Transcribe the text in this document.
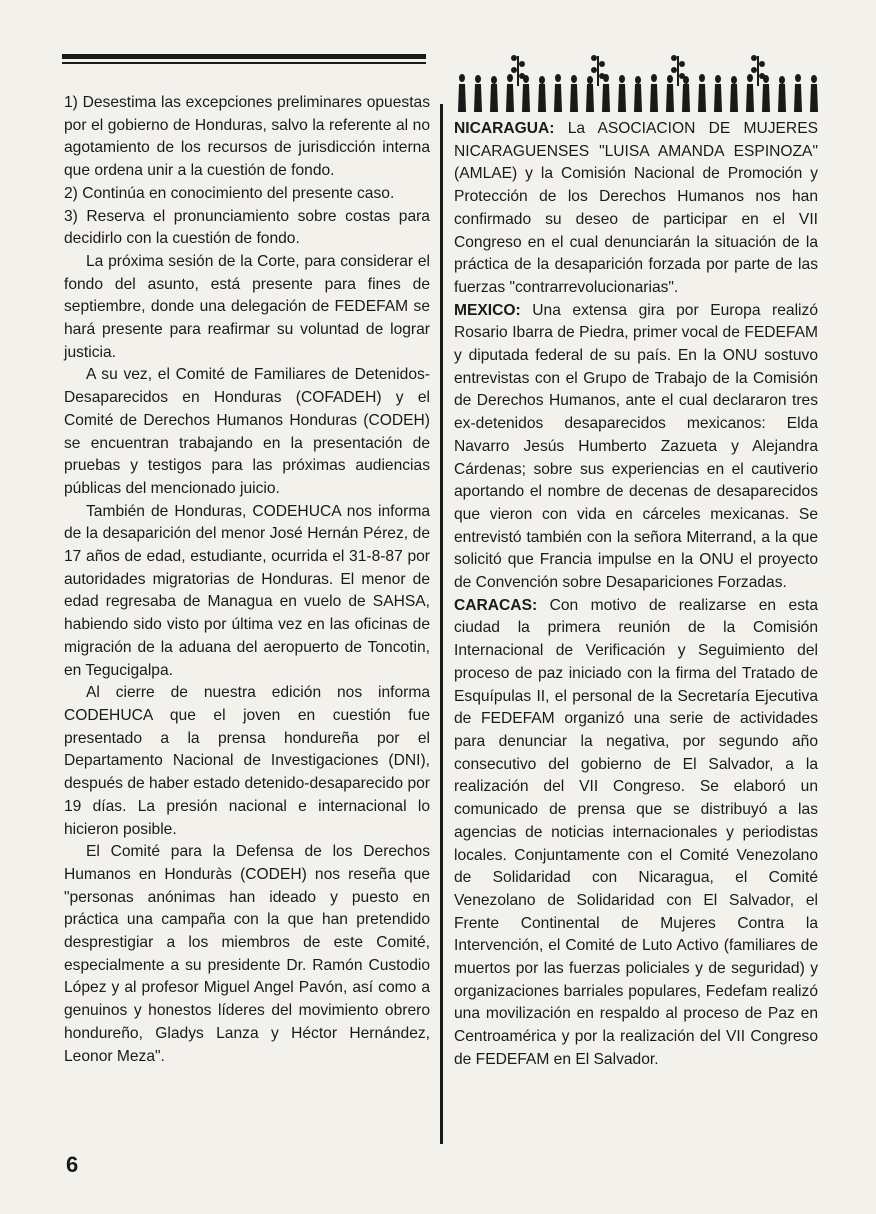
1) Desestima las excepciones preliminares opuestas por el gobierno de Honduras, salvo la referente al no agotamiento de los recursos de jurisdicción interna que ordena unir a la cuestión de fondo.

2) Continúa en conocimiento del presente caso.

3) Reserva el pronunciamiento sobre costas para decidirlo con la cuestión de fondo.

La próxima sesión de la Corte, para considerar el fondo del asunto, está presente para fines de septiembre, donde una delegación de FEDEFAM se hará presente para reafirmar su voluntad de lograr justicia.

A su vez, el Comité de Familiares de Detenidos-Desaparecidos en Honduras (COFADEH) y el Comité de Derechos Humanos Honduras (CODEH) se encuentran trabajando en la presentación de pruebas y testigos para las próximas audiencias públicas del mencionado juicio.

También de Honduras, CODEHUCA nos informa de la desaparición del menor José Hernán Pérez, de 17 años de edad, estudiante, ocurrida el 31-8-87 por autoridades migratorias de Honduras. El menor de edad regresaba de Managua en vuelo de SAHSA, habiendo sido visto por última vez en las oficinas de migración de la aduana del aeropuerto de Toncotin, en Tegucigalpa.

Al cierre de nuestra edición nos informa CODEHUCA que el joven en cuestión fue presentado a la prensa hondureña por el Departamento Nacional de Investigaciones (DNI), después de haber estado detenido-desaparecido por 19 días. La presión nacional e internacional lo hicieron posible.

El Comité para la Defensa de los Derechos Humanos en Honduràs (CODEH) nos reseña que "personas anónimas han ideado y puesto en práctica una campaña con la que han pretendido desprestigiar a los miembros de este Comité, especialmente a su presidente Dr. Ramón Custodio López y al profesor Miguel Angel Pavón, así como a genuinos y honestos líderes del movimiento obrero hondureño, Gladys Lanza y Héctor Hernández, Leonor Meza".

NICARAGUA: La ASOCIACION DE MUJERES NICARAGUENSES "LUISA AMANDA ESPINOZA" (AMLAE) y la Comisión Nacional de Promoción y Protección de los Derechos Humanos nos han confirmado su deseo de participar en el VII Congreso en el cual denunciarán la situación de la práctica de la desaparición forzada por parte de las fuerzas "contrarrevolucionarias".

MEXICO: Una extensa gira por Europa realizó Rosario Ibarra de Piedra, primer vocal de FEDEFAM y diputada federal de su país. En la ONU sostuvo entrevistas con el Grupo de Trabajo de la Comisión de Derechos Humanos, ante el cual declararon tres ex-detenidos desaparecidos mexicanos: Elda Navarro Jesús Humberto Zazueta y Alejandra Cárdenas; sobre sus experiencias en el cautiverio aportando el nombre de decenas de desaparecidos que vieron con vida en cárceles mexicanas. Se entrevistó también con la señora Miterrand, a la que solicitó que Francia impulse en la ONU el proyecto de Convención sobre Desapariciones Forzadas.

CARACAS: Con motivo de realizarse en esta ciudad la primera reunión de la Comisión Internacional de Verificación y Seguimiento del proceso de paz iniciado con la firma del Tratado de Esquípulas II, el personal de la Secretaría Ejecutiva de FEDEFAM organizó una serie de actividades para denunciar la negativa, por segundo año consecutivo del gobierno de El Salvador, a la realización del VII Congreso. Se elaboró un comunicado de prensa que se distribuyó a las agencias de noticias internacionales y periodistas locales. Conjuntamente con el Comité Venezolano de Solidaridad con Nicaragua, el Comité Venezolano de Solidaridad con El Salvador, el Frente Continental de Mujeres Contra la Intervención, el Comité de Luto Activo (familiares de muertos por las fuerzas policiales y de seguridad) y organizaciones barriales populares, Fedefam realizó una movilización en respaldo al proceso de Paz en Centroamérica y por la realización del VII Congreso de FEDEFAM en El Salvador.

6
